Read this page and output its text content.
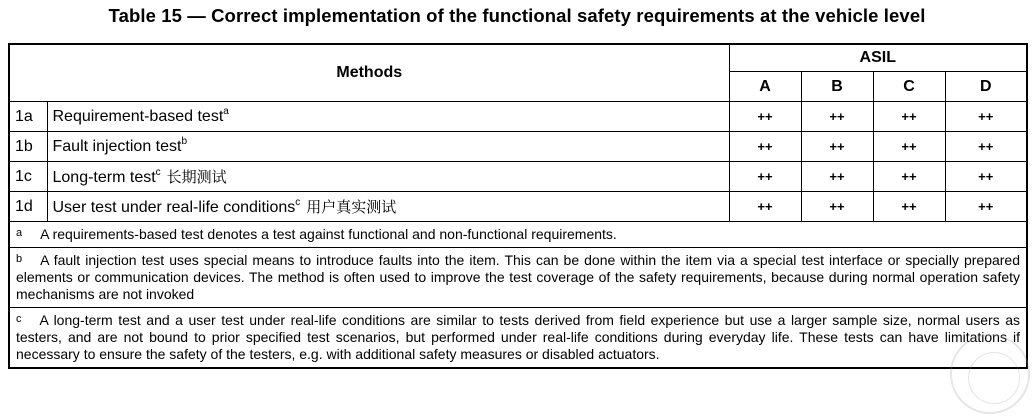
Table 15 — Correct implementation of the functional safety requirements at the vehicle level
Methods		ASIL			
		A	B	C	D
1a	Requirement-based test$^a$	++	++	++	++
1b	Fault injection test$^b$	++	++	++	++
1c	Long-term test$^c$ 长期测试	++	++	++	++
1d	User test under real-life conditions$^c$ 用户真实测试	++	++	++	++
$^a$ A requirements-based test denotes a test against functional and non-functional requirements.					
$^b$ A fault injection test uses special means to introduce faults into the item. This can be done within the item via a special test interface or specially prepared elements or communication devices. The method is often used to improve the test coverage of the safety requirements, because during normal operation safety mechanisms are not invoked					
$^c$ A long-term test and a user test under real-life conditions are similar to tests derived from field experience but use a larger sample size, normal users as testers, and are not bound to prior specified test scenarios, but performed under real-life conditions during everyday life. These tests can have limitations if necessary to ensure the safety of the testers, e.g. with additional safety measures or disabled actuators.					
